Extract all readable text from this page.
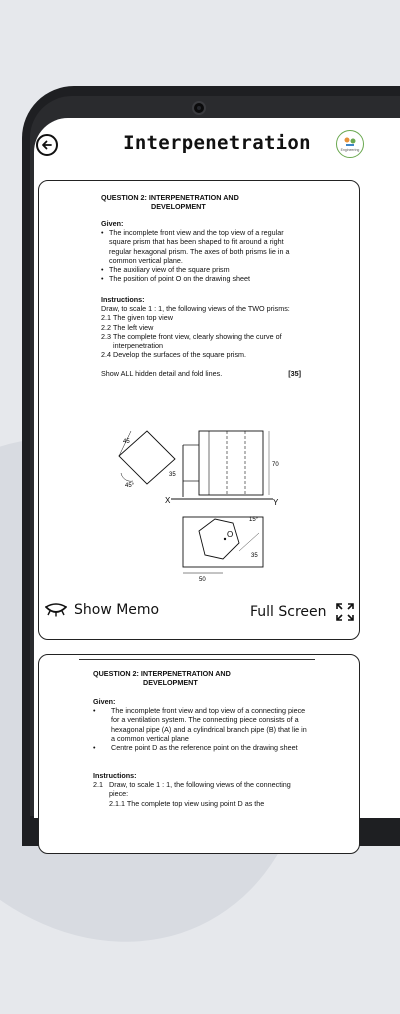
Interpenetration	Engineering
QUESTION 2: INTERPENETRATION AND
DEVELOPMENT
Given:
• The incomplete front view and the top view of a regular square prism that has been shaped to fit around a right regular hexagonal prism. The axes of both prisms lie in a common vertical plane.
• The auxiliary view of the square prism
• The position of point O on the drawing sheet
Instructions:
Draw, to scale 1 : 1, the following views of the TWO prisms:
2.1 The given top view
2.2 The left view
2.3 The complete front view, clearly showing the curve of interpenetration
2.4 Develop the surfaces of the square prism.
Show ALL hidden detail and fold lines.	[35]
45
45°
35
70
X	Y
O
15°
35
50
Show Memo	Full Screen
QUESTION 2: INTERPENETRATION AND
DEVELOPMENT
Given:
•	The incomplete front view and top view of a connecting piece for a ventilation system. The connecting piece consists of a hexagonal pipe (A) and a cylindrical branch pipe (B) that lie in a common vertical plane
•	Centre point D as the reference point on the drawing sheet
Instructions:
2.1 Draw, to scale 1 : 1, the following views of the connecting piece:
2.1.1 The complete top view using point D as the
